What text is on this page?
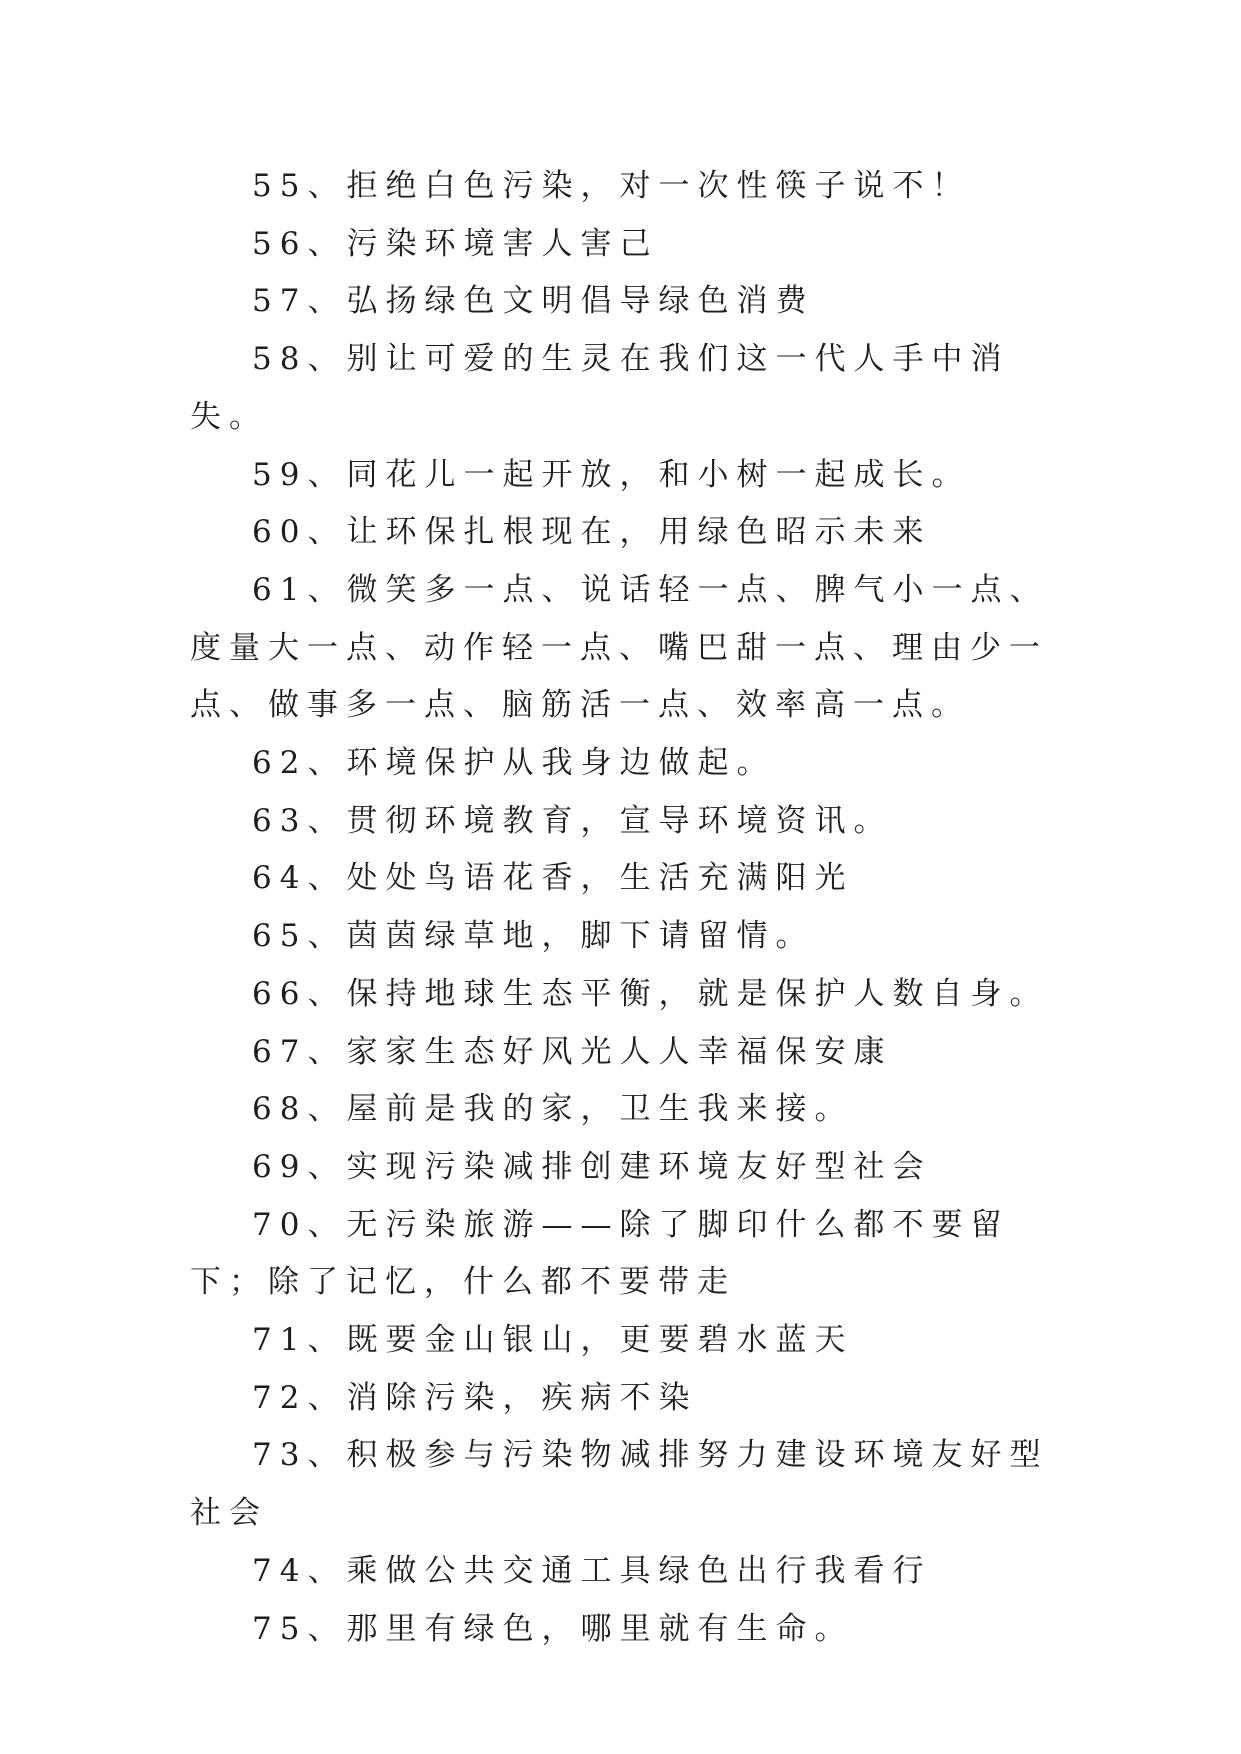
55、拒绝白色污染，对一次性筷子说不！

56、污染环境害人害己

57、弘扬绿色文明倡导绿色消费

58、别让可爱的生灵在我们这一代人手中消失。

59、同花儿一起开放，和小树一起成长。

60、让环保扎根现在，用绿色昭示未来

61、微笑多一点、说话轻一点、脾气小一点、度量大一点、动作轻一点、嘴巴甜一点、理由少一点、做事多一点、脑筋活一点、效率高一点。

62、环境保护从我身边做起。

63、贯彻环境教育，宣导环境资讯。

64、处处鸟语花香，生活充满阳光

65、茵茵绿草地，脚下请留情。

66、保持地球生态平衡，就是保护人数自身。

67、家家生态好风光人人幸福保安康

68、屋前是我的家，卫生我来接。

69、实现污染减排创建环境友好型社会

70、无污染旅游——除了脚印什么都不要留下；除了记忆，什么都不要带走

71、既要金山银山，更要碧水蓝天

72、消除污染，疾病不染

73、积极参与污染物减排努力建设环境友好型社会

74、乘做公共交通工具绿色出行我看行

75、那里有绿色，哪里就有生命。
